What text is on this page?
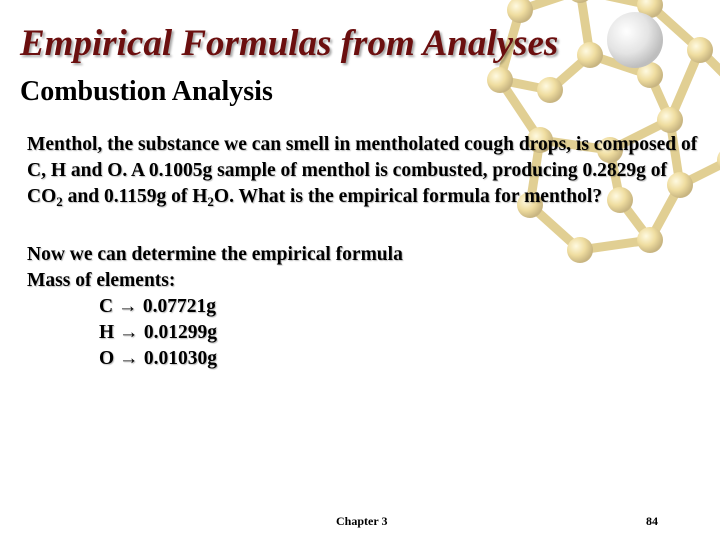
Empirical Formulas from Analyses
Combustion Analysis

Menthol, the substance we can smell in mentholated cough drops, is composed of C, H and O. A 0.1005g sample of menthol is combusted, producing 0.2829g of $CO_2$ and 0.1159g of $H_2O$. What is the empirical formula for menthol?

Now we can determine the empirical formula

Mass of elements:

C → 0.07721g

H → 0.01299g

O → 0.01030g

Chapter 3	84
